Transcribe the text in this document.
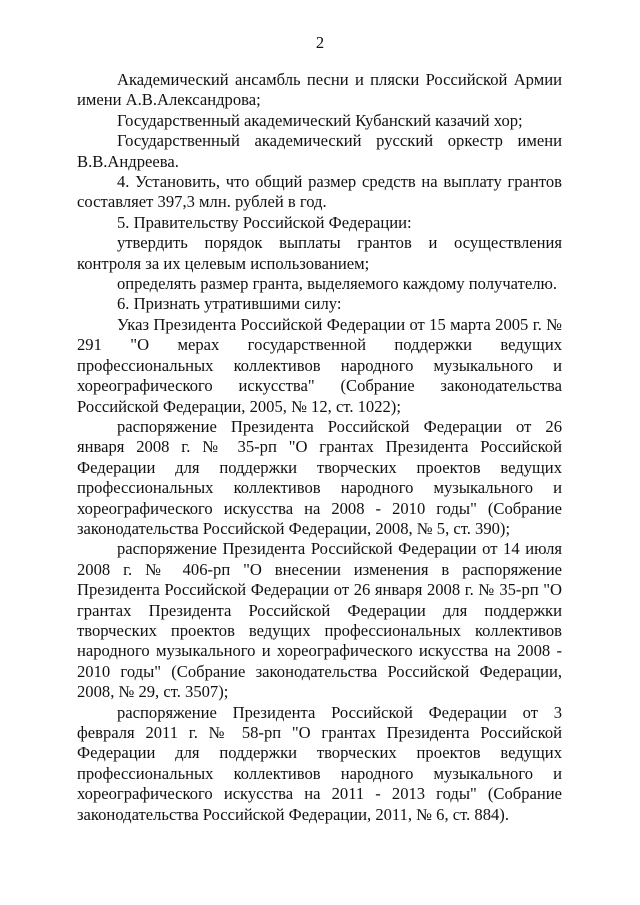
2

Академический ансамбль песни и пляски Российской Армии имени А.В.Александрова;

Государственный академический Кубанский казачий хор;

Государственный академический русский оркестр имени В.В.Андреева.

4. Установить, что общий размер средств на выплату грантов составляет 397,3 млн. рублей в год.

5. Правительству Российской Федерации:

утвердить порядок выплаты грантов и осуществления контроля за их целевым использованием;

определять размер гранта, выделяемого каждому получателю.

6. Признать утратившими силу:

Указ Президента Российской Федерации от 15 марта 2005 г. № 291 "О мерах государственной поддержки ведущих профессиональных коллективов народного музыкального и хореографического искусства" (Собрание законодательства Российской Федерации, 2005, № 12, ст. 1022);

распоряжение Президента Российской Федерации от 26 января 2008 г. № 35-рп "О грантах Президента Российской Федерации для поддержки творческих проектов ведущих профессиональных коллективов народного музыкального и хореографического искусства на 2008 - 2010 годы" (Собрание законодательства Российской Федерации, 2008, № 5, ст. 390);

распоряжение Президента Российской Федерации от 14 июля 2008 г. № 406-рп "О внесении изменения в распоряжение Президента Российской Федерации от 26 января 2008 г. № 35-рп "О грантах Президента Российской Федерации для поддержки творческих проектов ведущих профессиональных коллективов народного музыкального и хореографического искусства на 2008 - 2010 годы" (Собрание законодательства Российской Федерации, 2008, № 29, ст. 3507);

распоряжение Президента Российской Федерации от 3 февраля 2011 г. № 58-рп "О грантах Президента Российской Федерации для поддержки творческих проектов ведущих профессиональных коллективов народного музыкального и хореографического искусства на 2011 - 2013 годы" (Собрание законодательства Российской Федерации, 2011, № 6, ст. 884).
